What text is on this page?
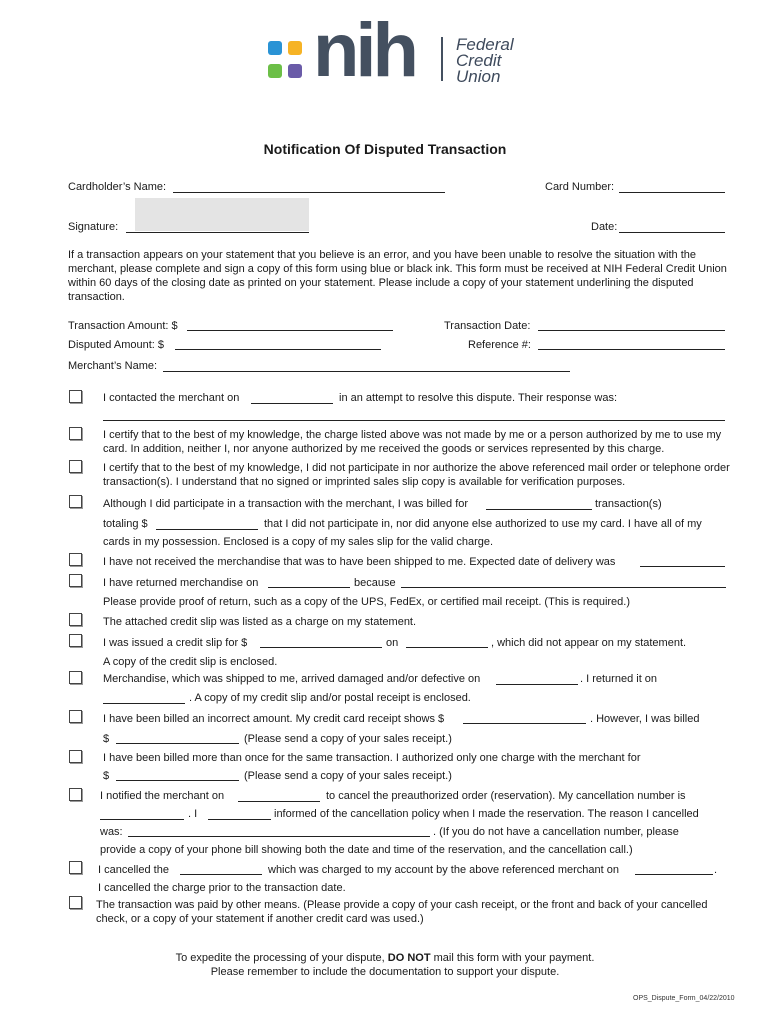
nih Federal
Credit
Union
Notification Of Disputed Transaction
Cardholder’s Name:	Card Number:
Signature:	Date:
If a transaction appears on your statement that you believe is an error, and you have been unable to resolve the situation with the merchant, please complete and sign a copy of this form using blue or black ink. This form must be received at NIH Federal Credit Union within 60 days of the closing date as printed on your statement. Please include a copy of your statement underlining the disputed transaction.
Transaction Amount: $	Transaction Date:
Disputed Amount: $	Reference #:
Merchant’s Name:
I contacted the merchant on	in an attempt to resolve this dispute. Their response was:
I certify that to the best of my knowledge, the charge listed above was not made by me or a person authorized by me to use my card. In addition, neither I, nor anyone authorized by me received the goods or services represented by this charge.
I certify that to the best of my knowledge, I did not participate in nor authorize the above referenced mail order or telephone order transaction(s). I understand that no signed or imprinted sales slip copy is available for verification purposes.
Although I did participate in a transaction with the merchant, I was billed for	transaction(s)
totaling $	that I did not participate in, nor did anyone else authorized to use my card. I have all of my
cards in my possession. Enclosed is a copy of my sales slip for the valid charge.
I have not received the merchandise that was to have been shipped to me. Expected date of delivery was
I have returned merchandise on	because
Please provide proof of return, such as a copy of the UPS, FedEx, or certified mail receipt. (This is required.)
The attached credit slip was listed as a charge on my statement.
I was issued a credit slip for $	on	, which did not appear on my statement.
A copy of the credit slip is enclosed.
Merchandise, which was shipped to me, arrived damaged and/or defective on	. I returned it on
. A copy of my credit slip and/or postal receipt is enclosed.
I have been billed an incorrect amount. My credit card receipt shows $	. However, I was billed
$	(Please send a copy of your sales receipt.)
I have been billed more than once for the same transaction. I authorized only one charge with the merchant for
$	(Please send a copy of your sales receipt.)
I notified the merchant on	to cancel the preauthorized order (reservation). My cancellation number is
. I	informed of the cancellation policy when I made the reservation. The reason I cancelled
was:	. (If you do not have a cancellation number, please
provide a copy of your phone bill showing both the date and time of the reservation, and the cancellation call.)
I cancelled the	which was charged to my account by the above referenced merchant on	.
I cancelled the charge prior to the transaction date.
The transaction was paid by other means. (Please provide a copy of your cash receipt, or the front and back of your cancelled check, or a copy of your statement if another credit card was used.)
To expedite the processing of your dispute, DO NOT mail this form with your payment.
Please remember to include the documentation to support your dispute.
OPS_Dispute_Form_04/22/2010
